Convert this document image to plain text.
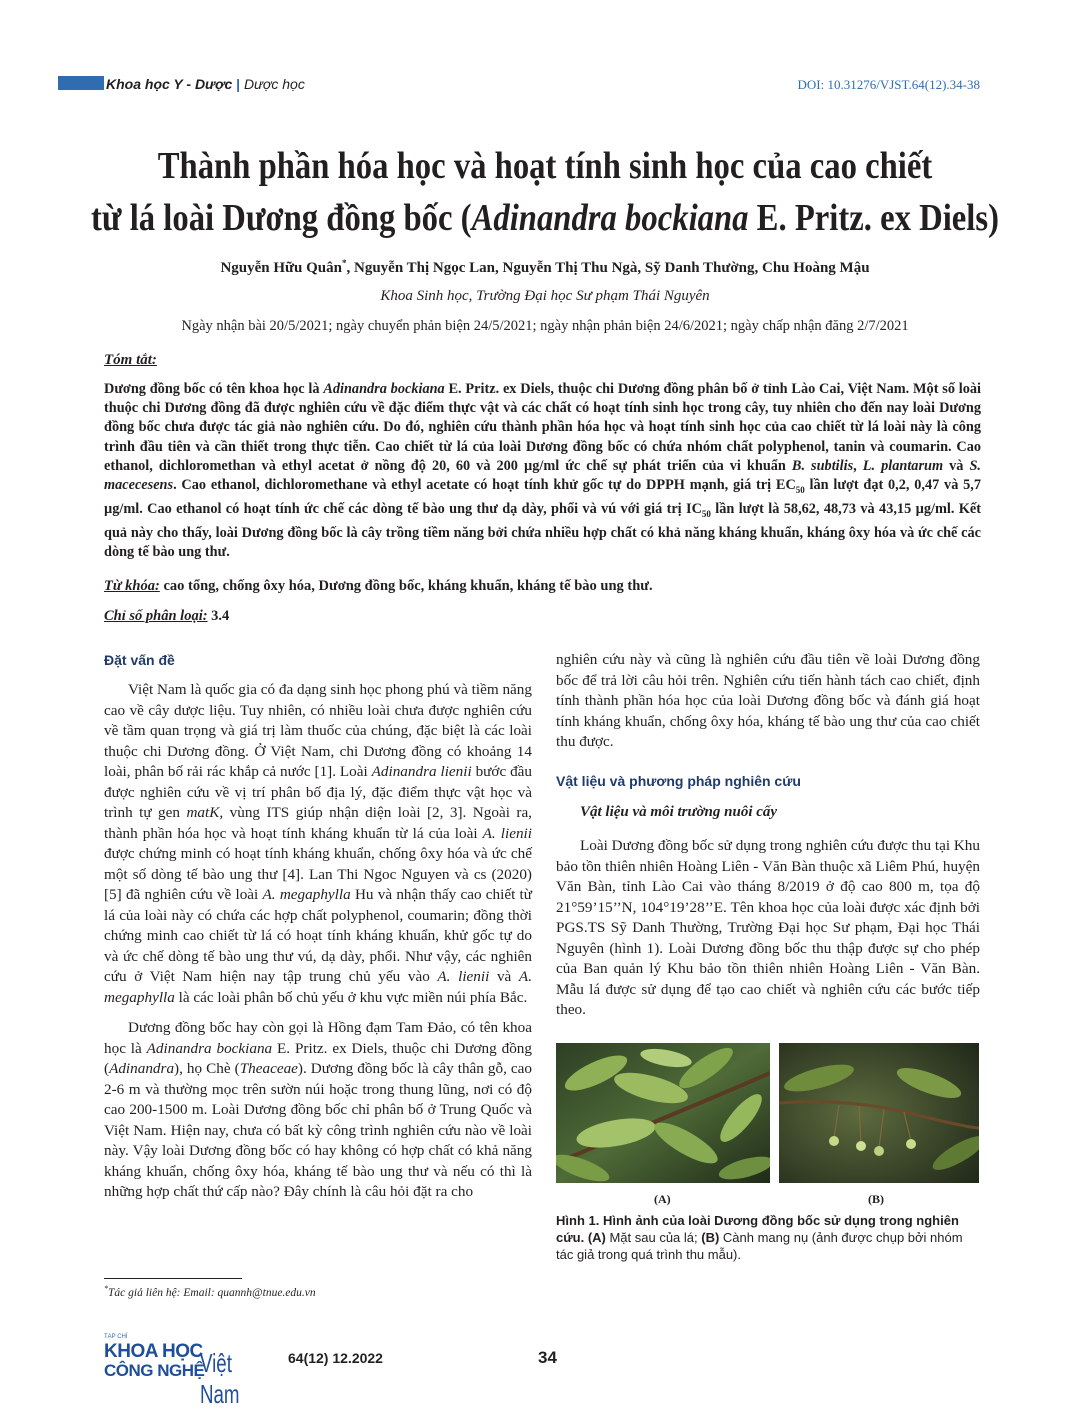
Khoa học Y - Dược | Dược học	DOI: 10.31276/VJST.64(12).34-38
Thành phần hóa học và hoạt tính sinh học của cao chiết
từ lá loài Dương đồng bốc (Adinandra bockiana E. Pritz. ex Diels)
Nguyễn Hữu Quân*, Nguyễn Thị Ngọc Lan, Nguyễn Thị Thu Ngà, Sỹ Danh Thường, Chu Hoàng Mậu
Khoa Sinh học, Trường Đại học Sư phạm Thái Nguyên
Ngày nhận bài 20/5/2021; ngày chuyển phản biện 24/5/2021; ngày nhận phản biện 24/6/2021; ngày chấp nhận đăng 2/7/2021
Tóm tắt:
Dương đồng bốc có tên khoa học là Adinandra bockiana E. Pritz. ex Diels, thuộc chi Dương đồng phân bố ở tỉnh Lào Cai, Việt Nam. Một số loài thuộc chi Dương đồng đã được nghiên cứu về đặc điểm thực vật và các chất có hoạt tính sinh học trong cây, tuy nhiên cho đến nay loài Dương đồng bốc chưa được tác giả nào nghiên cứu. Do đó, nghiên cứu thành phần hóa học và hoạt tính sinh học của cao chiết từ lá loài này là công trình đầu tiên và cần thiết trong thực tiễn. Cao chiết từ lá của loài Dương đồng bốc có chứa nhóm chất polyphenol, tanin và coumarin. Cao ethanol, dichloromethan và ethyl acetat ở nồng độ 20, 60 và 200 µg/ml ức chế sự phát triển của vi khuẩn B. subtilis, L. plantarum và S. macecesens. Cao ethanol, dichloromethane và ethyl acetate có hoạt tính khử gốc tự do DPPH mạnh, giá trị $EC_{50}$ lần lượt đạt 0,2, 0,47 và 5,7 µg/ml. Cao ethanol có hoạt tính ức chế các dòng tế bào ung thư dạ dày, phổi và vú với giá trị $IC_{50}$ lần lượt là 58,62, 48,73 và 43,15 µg/ml. Kết quả này cho thấy, loài Dương đồng bốc là cây trồng tiềm năng bởi chứa nhiều hợp chất có khả năng kháng khuẩn, kháng ôxy hóa và ức chế các dòng tế bào ung thư.
Từ khóa: cao tổng, chống ôxy hóa, Dương đồng bốc, kháng khuẩn, kháng tế bào ung thư.
Chỉ số phân loại: 3.4
Đặt vấn đề

Việt Nam là quốc gia có đa dạng sinh học phong phú và tiềm năng cao về cây dược liệu. Tuy nhiên, có nhiều loài chưa được nghiên cứu về tầm quan trọng và giá trị làm thuốc của chúng, đặc biệt là các loài thuộc chi Dương đồng. Ở Việt Nam, chi Dương đồng có khoảng 14 loài, phân bố rải rác khắp cả nước [1]. Loài Adinandra lienii bước đầu được nghiên cứu về vị trí phân bố địa lý, đặc điểm thực vật học và trình tự gen matK, vùng ITS giúp nhận diện loài [2, 3]. Ngoài ra, thành phần hóa học và hoạt tính kháng khuẩn từ lá của loài A. lienii được chứng minh có hoạt tính kháng khuẩn, chống ôxy hóa và ức chế một số dòng tế bào ung thư [4]. Lan Thi Ngoc Nguyen và cs (2020) [5] đã nghiên cứu về loài A. megaphylla Hu và nhận thấy cao chiết từ lá của loài này có chứa các hợp chất polyphenol, coumarin; đồng thời chứng minh cao chiết từ lá có hoạt tính kháng khuẩn, khử gốc tự do và ức chế dòng tế bào ung thư vú, dạ dày, phổi. Như vậy, các nghiên cứu ở Việt Nam hiện nay tập trung chủ yếu vào A. lienii và A. megaphylla là các loài phân bố chủ yếu ở khu vực miền núi phía Bắc.

Dương đồng bốc hay còn gọi là Hồng đạm Tam Đảo, có tên khoa học là Adinandra bockiana E. Pritz. ex Diels, thuộc chi Dương đồng (Adinandra), họ Chè (Theaceae). Dương đồng bốc là cây thân gỗ, cao 2-6 m và thường mọc trên sườn núi hoặc trong thung lũng, nơi có độ cao 200-1500 m. Loài Dương đồng bốc chỉ phân bố ở Trung Quốc và Việt Nam. Hiện nay, chưa có bất kỳ công trình nghiên cứu nào về loài này. Vậy loài Dương đồng bốc có hay không có hợp chất có khả năng kháng khuẩn, chống ôxy hóa, kháng tế bào ung thư và nếu có thì là những hợp chất thứ cấp nào? Đây chính là câu hỏi đặt ra cho

nghiên cứu này và cũng là nghiên cứu đầu tiên về loài Dương đồng bốc để trả lời câu hỏi trên. Nghiên cứu tiến hành tách cao chiết, định tính thành phần hóa học của loài Dương đồng bốc và đánh giá hoạt tính kháng khuẩn, chống ôxy hóa, kháng tế bào ung thư của cao chiết thu được.

Vật liệu và phương pháp nghiên cứu
Vật liệu và môi trường nuôi cấy

Loài Dương đồng bốc sử dụng trong nghiên cứu được thu tại Khu bảo tồn thiên nhiên Hoàng Liên - Văn Bàn thuộc xã Liêm Phú, huyện Văn Bàn, tỉnh Lào Cai vào tháng 8/2019 ở độ cao 800 m, tọa độ 21°59’15’’N, 104°19’28’’E. Tên khoa học của loài được xác định bởi PGS.TS Sỹ Danh Thường, Trường Đại học Sư phạm, Đại học Thái Nguyên (hình 1). Loài Dương đồng bốc thu thập được sự cho phép của Ban quản lý Khu bảo tồn thiên nhiên Hoàng Liên - Văn Bàn. Mẫu lá được sử dụng để tạo cao chiết và nghiên cứu các bước tiếp theo.

(A)	(B)
Hình 1. Hình ảnh của loài Dương đồng bốc sử dụng trong nghiên cứu. (A) Mặt sau của lá; (B) Cành mang nụ (ảnh được chụp bởi nhóm tác giả trong quá trình thu mẫu).
*Tác giả liên hệ: Email: quannh@tnue.edu.vn
TẠP CHÍ
KHOA HỌC
CÔNG NGHỆ
Việt Nam
64(12) 12.2022	34
